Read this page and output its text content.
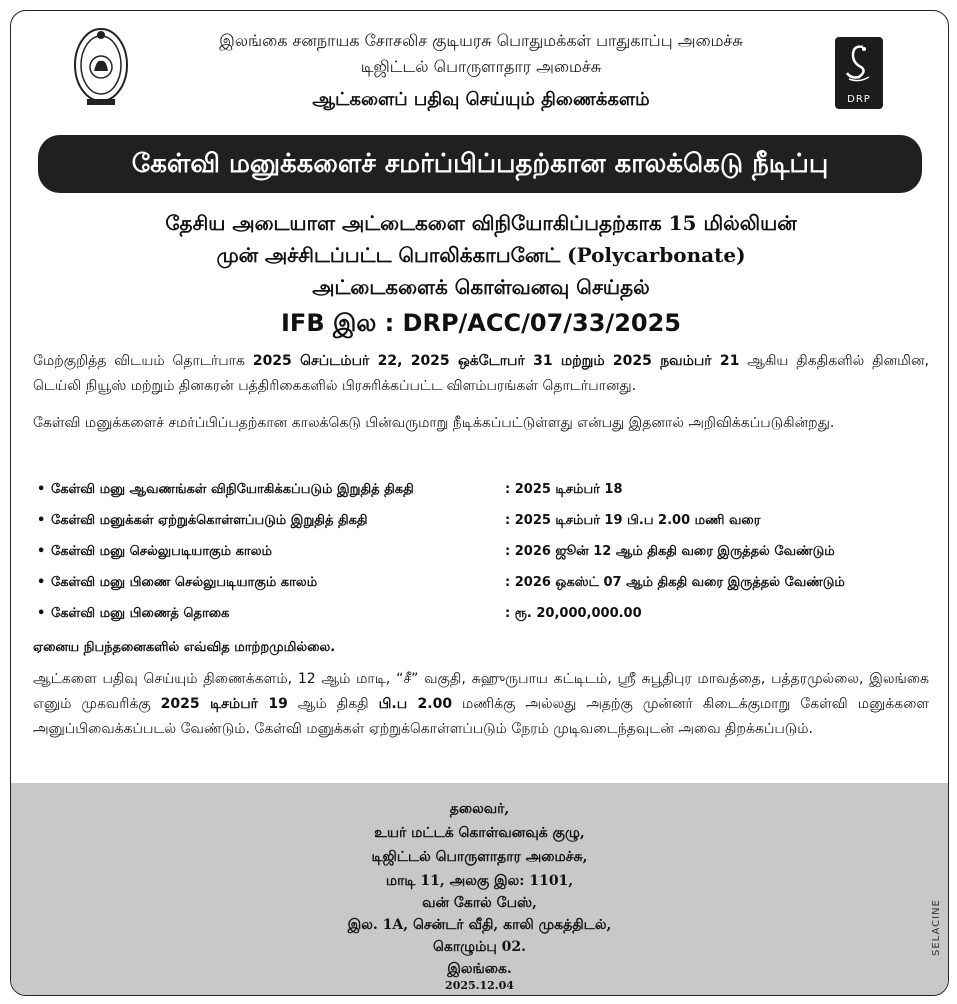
இலங்கை சனநாயக சோசலிச குடியரசு பொதுமக்கள் பாதுகாப்பு அமைச்சு
டிஜிட்டல் பொருளாதார அமைச்சு
ஆட்களைப் பதிவு செய்யும் திணைக்களம்	DRP
கேள்வி மனுக்களைச் சமர்ப்பிப்பதற்கான காலக்கெடு நீடிப்பு
தேசிய அடையாள அட்டைகளை விநியோகிப்பதற்காக 15 மில்லியன்
முன் அச்சிடப்பட்ட பொலிக்காபனேட் (Polycarbonate)
அட்டைகளைக் கொள்வனவு செய்தல்
IFB இல : DRP/ACC/07/33/2025
மேற்குறித்த விடயம் தொடர்பாக 2025 செப்டம்பர் 22, 2025 ஒக்டோபர் 31 மற்றும் 2025 நவம்பர் 21 ஆகிய திகதிகளில் தினமின, டெய்லி நியூஸ் மற்றும் தினகரன் பத்திரிகைகளில் பிரசுரிக்கப்பட்ட விளம்பரங்கள் தொடர்பானது.
கேள்வி மனுக்களைச் சமர்ப்பிப்பதற்கான காலக்கெடு பின்வருமாறு நீடிக்கப்பட்டுள்ளது என்பது இதனால் அறிவிக்கப்படுகின்றது.
• கேள்வி மனு ஆவணங்கள் விநியோகிக்கப்படும் இறுதித் திகதி	: 2025 டிசம்பர் 18
• கேள்வி மனுக்கள் ஏற்றுக்கொள்ளப்படும் இறுதித் திகதி	: 2025 டிசம்பர் 19 பி.ப 2.00 மணி வரை
• கேள்வி மனு செல்லுபடியாகும் காலம்	: 2026 ஜூன் 12 ஆம் திகதி வரை இருத்தல் வேண்டும்
• கேள்வி மனு பிணை செல்லுபடியாகும் காலம்	: 2026 ஒகஸ்ட் 07 ஆம் திகதி வரை இருத்தல் வேண்டும்
• கேள்வி மனு பிணைத் தொகை	: ரூ. 20,000,000.00
ஏனைய நிபந்தனைகளில் எவ்வித மாற்றமுமில்லை.
ஆட்களை பதிவு செய்யும் திணைக்களம், 12 ஆம் மாடி, “சீ” வகுதி, சுஹுருபாய கட்டிடம், ஸ்ரீ சுபூதிபுர மாவத்தை, பத்தரமுல்லை, இலங்கை எனும் முகவரிக்கு 2025 டிசம்பர் 19 ஆம் திகதி பி.ப 2.00 மணிக்கு அல்லது அதற்கு முன்னர் கிடைக்குமாறு கேள்வி மனுக்களை அனுப்பிவைக்கப்படல் வேண்டும். கேள்வி மனுக்கள் ஏற்றுக்கொள்ளப்படும் நேரம் முடிவடைந்தவுடன் அவை திறக்கப்படும்.
தலைவர்,
உயர் மட்டக் கொள்வனவுக் குழு,
டிஜிட்டல் பொருளாதார அமைச்சு,
மாடி 11, அலகு இல: 1101,
வன் கோல் பேஸ்,
இல. 1A, சென்டர் வீதி, காலி முகத்திடல்,
கொழும்பு 02.
இலங்கை.
2025.12.04
SELACINE
